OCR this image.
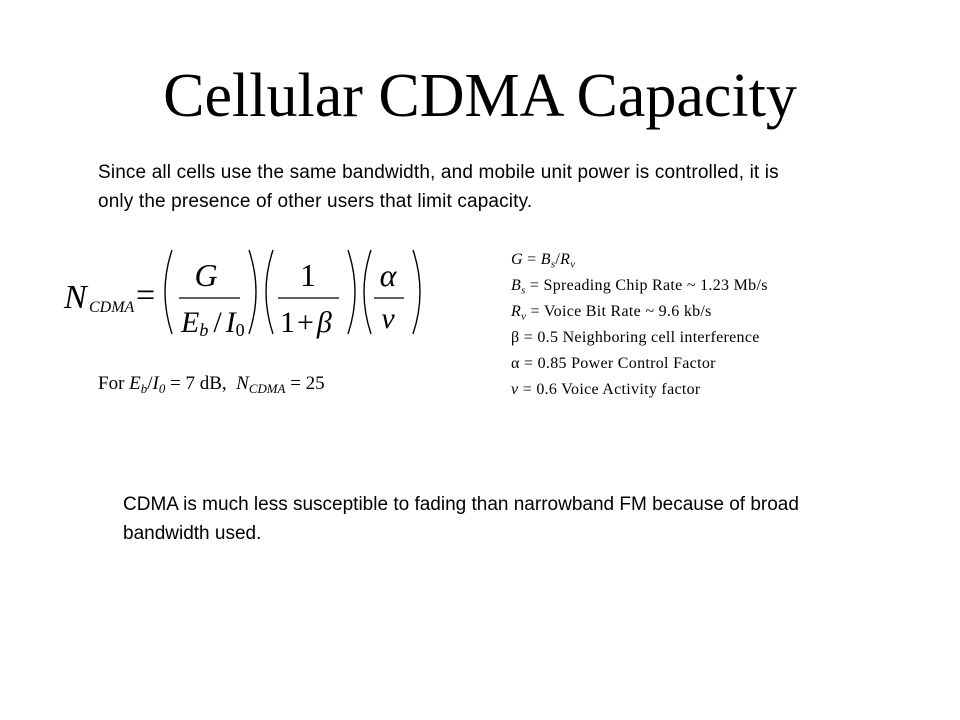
Cellular CDMA Capacity
Since all cells use the same bandwidth, and mobile unit power is controlled, it is only the presence of other users that limit capacity.
N CDMA =
G
Eb / I0
1
1+ β
α
v
For $E_b/I_0 = 7$ dB,  $N_{CDMA} = 25$
$G = B_s/R_v$
$B_s$ = Spreading Chip Rate ~ 1.23 Mb/s
$R_v$ = Voice Bit Rate ~ 9.6 kb/s
β = 0.5 Neighboring cell interference
α = 0.85 Power Control Factor
v = 0.6 Voice Activity factor
CDMA is much less susceptible to fading than narrowband FM because of broad bandwidth used.
